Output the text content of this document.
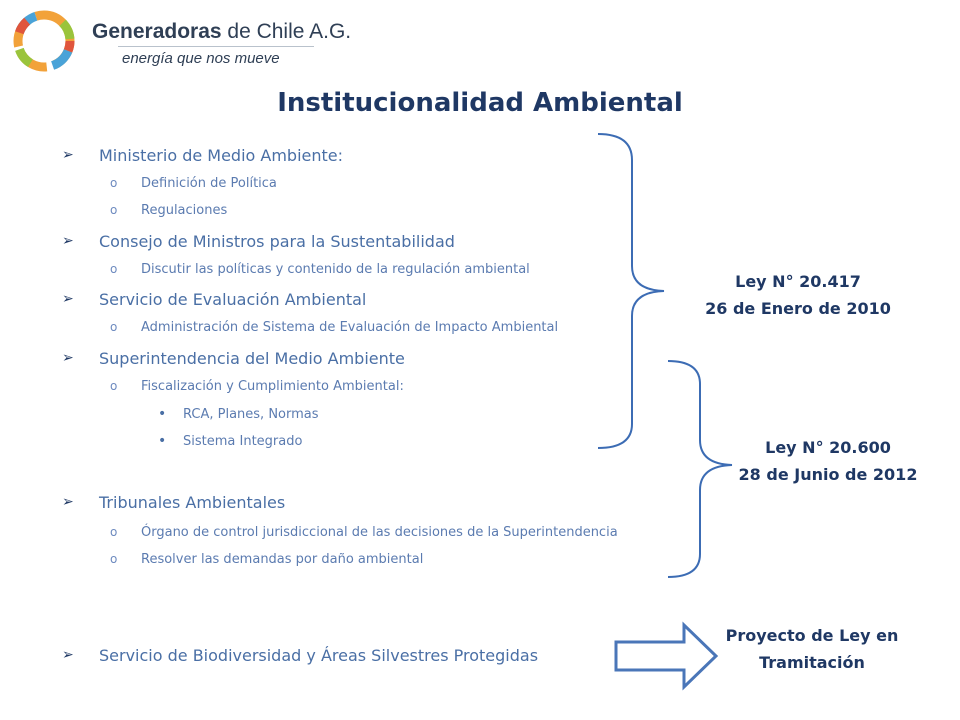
Generadoras de Chile A.G.
energía que nos mueve
Institucionalidad Ambiental
➢ Ministerio de Medio Ambiente:
o Definición de Política
o Regulaciones
➢ Consejo de Ministros para la Sustentabilidad
o Discutir las políticas y contenido de la regulación ambiental
➢ Servicio de Evaluación Ambiental
o Administración de Sistema de Evaluación de Impacto Ambiental
➢ Superintendencia del Medio Ambiente
o Fiscalización y Cumplimiento Ambiental:
• RCA, Planes, Normas
• Sistema Integrado
➢ Tribunales Ambientales
o Órgano de control jurisdiccional de las decisiones de la Superintendencia
o Resolver las demandas por daño ambiental
➢ Servicio de Biodiversidad y Áreas Silvestres Protegidas
Ley N° 20.417
26 de Enero de 2010
Ley N° 20.600
28 de Junio de 2012
Proyecto de Ley en
Tramitación
